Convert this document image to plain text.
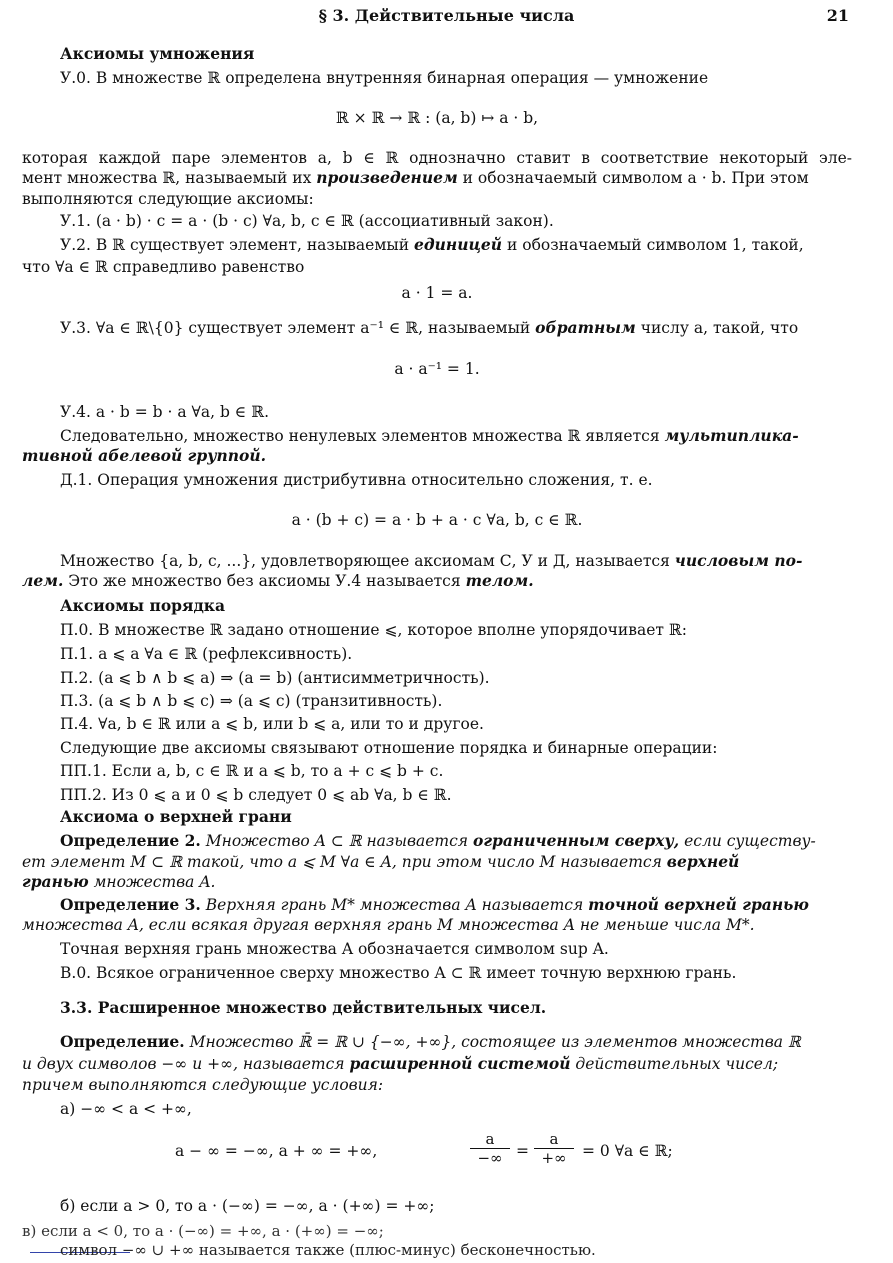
§ 3. Действительные числа	21
Аксиомы умножения
У.0. В множестве ℝ определена внутренняя бинарная операция — умножение
ℝ × ℝ → ℝ : (a, b) ↦ a · b,
которая каждой паре элементов a, b ∈ ℝ однозначно ставит в соответствие некоторый эле-
мент множества ℝ, называемый их произведением и обозначаемый символом a · b. При этом
выполняются следующие аксиомы:
У.1. (a · b) · c = a · (b · c) ∀a, b, c ∈ ℝ (ассоциативный закон).
У.2. В ℝ существует элемент, называемый единицей и обозначаемый символом 1, такой,
что ∀a ∈ ℝ справедливо равенство
a · 1 = a.
У.3. ∀a ∈ ℝ\{0} существует элемент a⁻¹ ∈ ℝ, называемый обратным числу a, такой, что
a · a⁻¹ = 1.
У.4. a · b = b · a ∀a, b ∈ ℝ.
Следовательно, множество ненулевых элементов множества ℝ является мультиплика-
тивной абелевой группой.
Д.1. Операция умножения дистрибутивна относительно сложения, т. е.
a · (b + c) = a · b + a · c ∀a, b, c ∈ ℝ.
Множество {a, b, c, ...}, удовлетворяющее аксиомам С, У и Д, называется числовым по-
лем. Это же множество без аксиомы У.4 называется телом.
Аксиомы порядка
П.0. В множестве ℝ задано отношение ⩽, которое вполне упорядочивает ℝ:
П.1. a ⩽ a ∀a ∈ ℝ (рефлексивность).
П.2. (a ⩽ b ∧ b ⩽ a) ⇒ (a = b) (антисимметричность).
П.3. (a ⩽ b ∧ b ⩽ c) ⇒ (a ⩽ c) (транзитивность).
П.4. ∀a, b ∈ ℝ или a ⩽ b, или b ⩽ a, или то и другое.
Следующие две аксиомы связывают отношение порядка и бинарные операции:
ПП.1. Если a, b, c ∈ ℝ и a ⩽ b, то a + c ⩽ b + c.
ПП.2. Из 0 ⩽ a и 0 ⩽ b следует 0 ⩽ ab ∀a, b ∈ ℝ.
Аксиома о верхней грани
Определение 2. Множество A ⊂ ℝ называется ограниченным сверху, если существу-
ет элемент M ⊂ ℝ такой, что a ⩽ M ∀a ∈ A, при этом число M называется верхней
гранью множества A.
Определение 3. Верхняя грань M* множества A называется точной верхней гранью
множества A, если всякая другая верхняя грань M множества A не меньше числа M*.
Точная верхняя грань множества A обозначается символом sup A.
В.0. Всякое ограниченное сверху множество A ⊂ ℝ имеет точную верхнюю грань.
3.3. Расширенное множество действительных чисел.
Определение. Множество ℝ̄ = ℝ ∪ {−∞, +∞}, состоящее из элементов множества ℝ
и двух символов −∞ и +∞, называется расширенной системой действительных чисел;
причем выполняются следующие условия:
а) −∞ < a < +∞,
a − ∞ = −∞, a + ∞ = +∞,
a
−∞ =
a
+∞ = 0 ∀a ∈ ℝ;
б) если a > 0, то a · (−∞) = −∞, a · (+∞) = +∞;
в) если a < 0, то a · (−∞) = +∞, a · (+∞) = −∞;
символ −∞ ∪ +∞ называется также (плюс-минус) бесконечностью.
